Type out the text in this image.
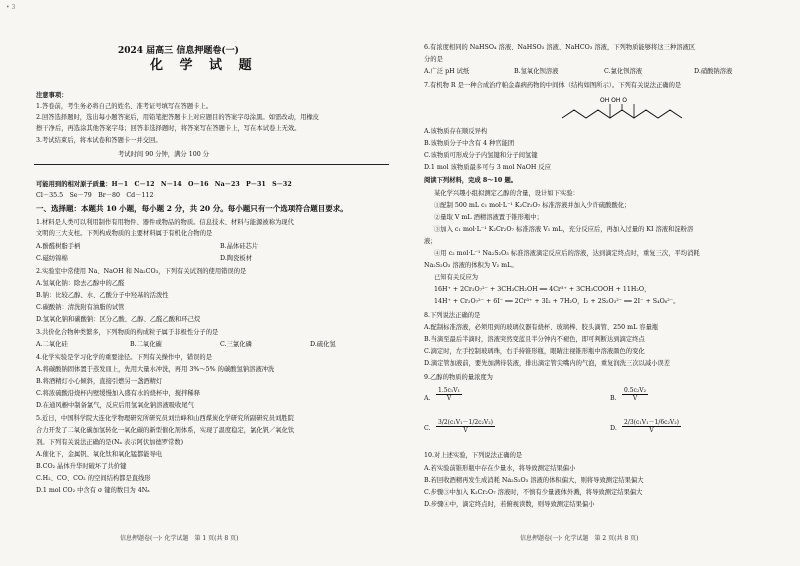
• 3
2024 届高三 信息押题卷(一)
化 学 试 题
注意事项：
1.答卷前，考生务必将自己的姓名、准考证号填写在答题卡上。
2.回答选择题时，选出每小题答案后，用铅笔把答题卡上对应题目的答案字母涂黑。如需改动，用橡皮
擦干净后，再选涂其他答案字母；回答非选择题时，将答案写在答题卡上，写在本试卷上无效。
3.考试结束后，将本试卷和答题卡一并交回。
考试时间 90 分钟，满分 100 分
可能用到的相对原子质量：H－1　C－12　N－14　O－16　Na－23　P－31　S－32
Cl－35.5　Se－79　Br－80　Cd－112
一、选择题：本题共 10 小题，每小题 2 分，共 20 分。每小题只有一个选项符合题目要求。
1.材料是人类可以利用制作有用物件、器件或物品的物质。信息技术、材料与能源被称为现代
文明的三大支柱。下列构成物质的主要材料属于有机化合物的是
A.酚醛树脂手柄	B.晶体硅芯片
C.磁纺锦棉	D.陶瓷板材
2.实验室中常使用 Na、NaOH 和 Na₂CO₃，下列有关试剂的使用错误的是
A.氢氧化钠：除去乙醇中的乙醛
B.钠：比较乙醇、水、乙酸分子中羟基的活泼性
C.碳酸钠：清洗附有油脂的试管
D.氢氧化钠和碳酸钠：区分乙酸、乙醇、乙醛乙酸和环己烷
3.共价化合物种类繁多，下列物质的构成粒子属于非极性分子的是
A.二氧化硅	B.二氧化碳	C.三氯化磷	D.硫化氢
4.化学实验是学习化学的重要途径。下列有关操作中，错误的是
A.将碳酸钠固体置于蒸发皿上，先用大量水冲洗，再用 3%～5% 的碳酸氢钠溶液冲洗
B.将酒精灯小心倾斜，直接引燃另一盏酒精灯
C.将浓硫酸沿烧杯内壁缓慢加入盛有水的烧杯中，搅拌稀释
D.在通风橱中制备氯气，反应后用氢氧化钠溶液吸收尾气
5.近日，中国科学院大连化学物理研究所研究员刘岳峰和山西煤炭化学研究所副研究员刘胜院
合力开发了二氧化碳加氢转化一氧化碳的新型催化剂体系，实现了温度稳定，氯化钒／氧化钛
剂。下列有关说法正确的是(Nₐ 表示阿伏加德罗常数)
A.催化下，金属钒、氧化钛和氧化锰都能导电
B.CO₂ 晶体升华时破坏了共价键
C.H₂、CO、CO₂ 的空间结构都是直线形
D.1 mol CO₂ 中含有 σ 键的数目为 4Nₐ
信息押题卷(一)· 化学试题　第 1 页(共 8 页)
6.有浓度相同的 NaHSO₄ 溶液、NaHSO₃ 溶液、NaHCO₃ 溶液，下列物质能够将这三种溶液区
分的是
A.广泛 pH 试纸	B.氢氧化钡溶液	C.氯化钡溶液	D.硝酸钠溶液
7.有机物 R 是一种合成治疗帕金森病药物的中间体（结构如图所示）。下列有关说法正确的是
OH OH O
A.该物质存在顺反异构
B.该物质分子中含有 4 种官能团
C.该物质可形成分子内氢键和分子间氢键
D.1 mol 该物质最多可与 3 mol NaOH 反应
阅读下列材料，完成 8～10 题。
某化学兴趣小组拟测定乙醇的含量，设计如下实验：
①配制 500 mL c₁ mol·L⁻¹ K₂Cr₂O₇ 标准溶液并加入少许硫酸酸化；
②量取 V mL 酒精溶液置于锥形瓶中；
③加入 c₁ mol·L⁻¹ K₂Cr₂O₇ 标准溶液 V₁ mL，充分反应后，再加入过量的 KI 溶液和淀粉溶
液；
④用 c₂ mol·L⁻¹ Na₂S₂O₃ 标准溶液滴定反应后的溶液，达到滴定终点时，重复三次，平均消耗
Na₂S₂O₃ 溶液的体积为 V₂ mL。
已知有关反应为
16H⁺ + 2Cr₂O₇²⁻ + 3CH₃CH₂OH ══ 4Cr³⁺ + 3CH₃COOH + 11H₂O，
14H⁺ + Cr₂O₇²⁻ + 6I⁻ ══ 2Cr³⁺ + 3I₂ + 7H₂O，I₂ + 2S₂O₃²⁻ ══ 2I⁻ + S₄O₆²⁻。
8.下列说法正确的是
A.配制标准溶液，必须用到的玻璃仪器有烧杯、玻璃棒、胶头滴管、250 mL 容量瓶
B.当滴至最后半滴时，溶液突然变蓝且半分钟内不褪色，即可判断达到滴定终点
C.滴定时，左手控制玻璃珠，右手持锥形瓶，眼睛注视锥形瓶中溶液颜色的变化
D.滴定管加液前，要先加满待装液，排出滴定管尖嘴内的气泡，重复润洗三次以减小误差
9.乙醇的物质的量浓度为
A. $\frac{\text{1.5c₁V₁}}{V}$	B. $\frac{\text{0.5c₂V₂}}{V}$
C. $\frac{\text{3/2(c₁V₁－1/2c₂V₂)}}{V}$	D. $\frac{\text{2/3(c₁V₁－1/6c₂V₂)}}{V}$
10.对上述实验，下列说法正确的是
A.若实验前锥形瓶中存在少量水，将导致测定结果偏小
B.若回收酒精再发生成消耗 Na₂S₂O₃ 溶液的体积偏大，则将导致测定结果偏大
C.步骤③中加入 K₂Cr₂O₇ 溶液时，不慎有少量液体外溅，将导致测定结果偏大
D.步骤④中，滴定终点时，若俯视读数，则导致测定结果偏小
信息押题卷(一)· 化学试题　第 2 页(共 8 页)
